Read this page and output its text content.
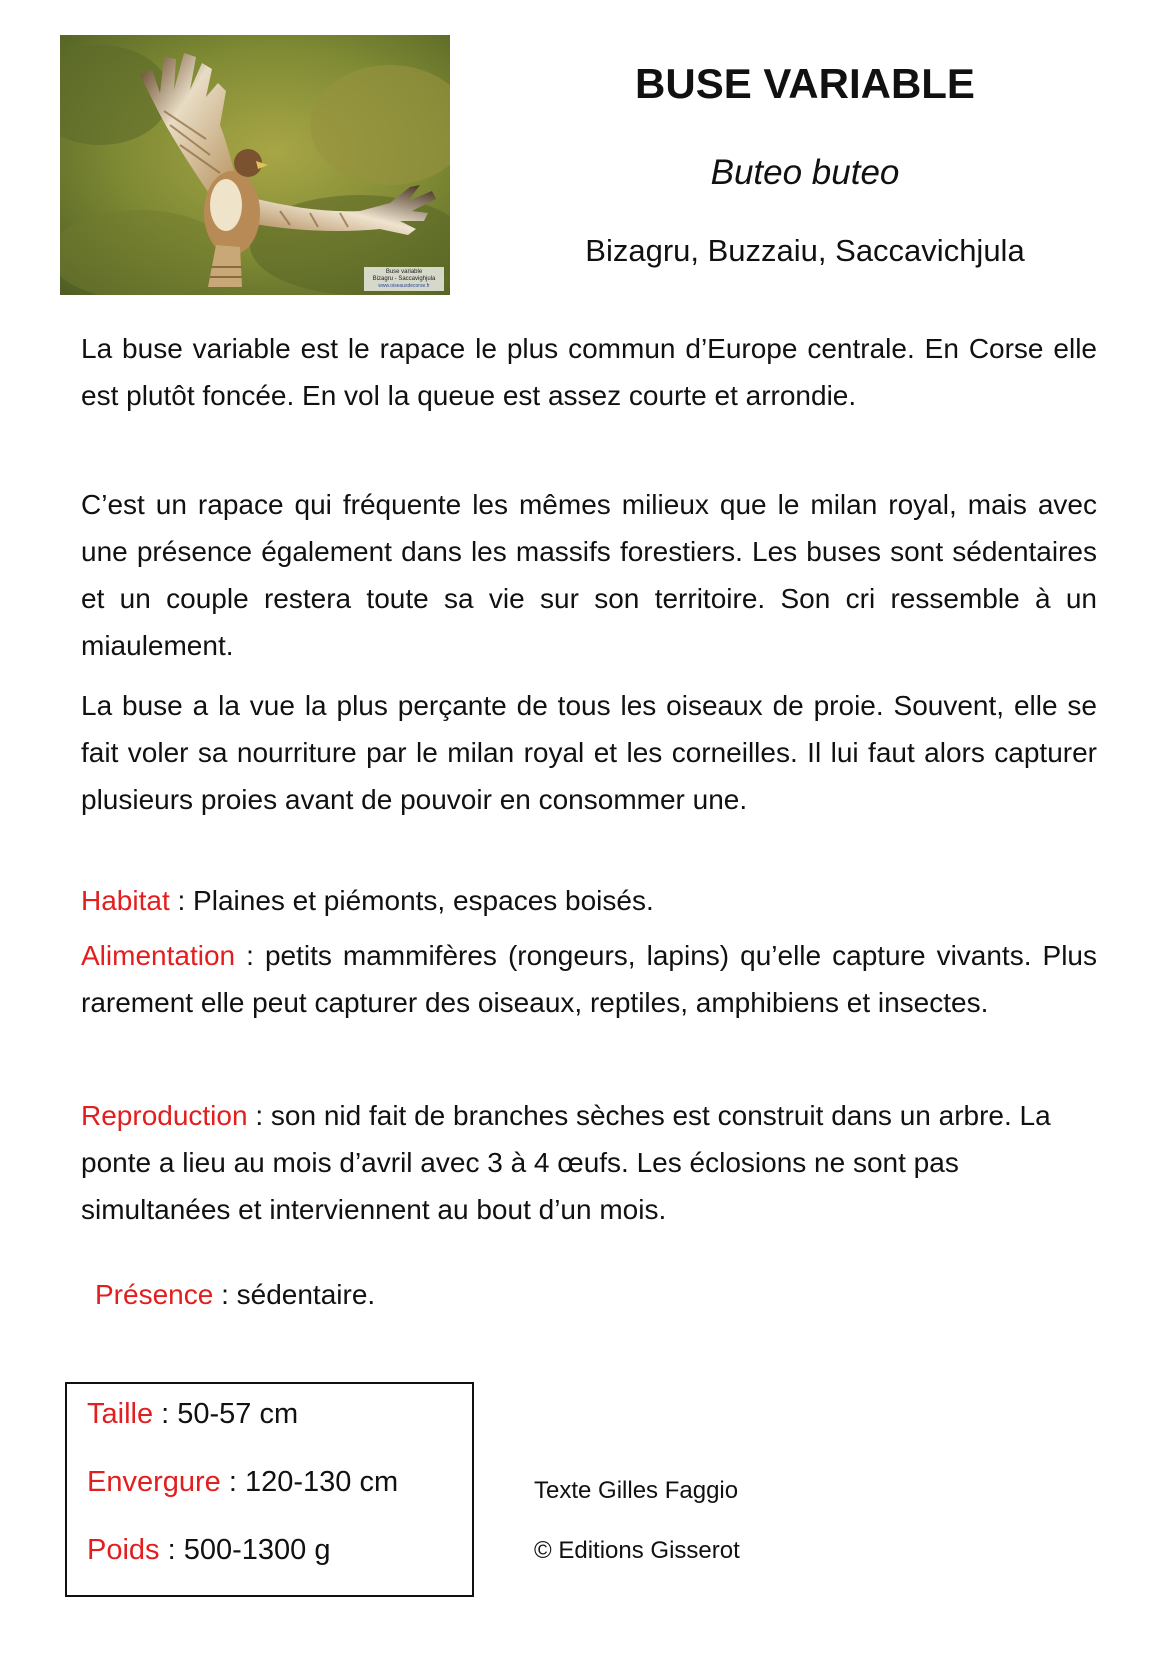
Buse variable
Bizagru - Saccavighjula
www.oiseauxdecorse.fr
BUSE VARIABLE
Buteo buteo
Bizagru, Buzzaiu, Saccavichjula

La buse variable est le rapace le plus commun d’Europe centrale. En Corse elle est plutôt foncée. En vol la queue est assez courte et arrondie.

C’est un rapace qui fréquente les mêmes milieux que le milan royal, mais avec une présence également dans les massifs forestiers. Les buses sont sédentaires et un couple restera toute sa vie sur son territoire. Son cri ressemble à un miaulement.

La buse a la vue la plus perçante de tous les oiseaux de proie. Souvent, elle se fait voler sa nourriture par le milan royal et les corneilles. Il lui faut alors capturer plusieurs proies avant de pouvoir en consommer une.

Habitat : Plaines et piémonts, espaces boisés.

Alimentation : petits mammifères (rongeurs, lapins) qu’elle capture vivants. Plus rarement elle peut capturer des oiseaux, reptiles, amphibiens et insectes.

Reproduction : son nid fait de branches sèches est construit dans un arbre. La ponte a lieu au mois d’avril avec 3 à 4 œufs. Les éclosions ne sont pas simultanées et interviennent au bout d’un mois.

Présence : sédentaire.

Taille : 50-57 cm
Envergure : 120-130 cm
Poids : 500-1300 g
Texte Gilles Faggio
© Editions Gisserot
